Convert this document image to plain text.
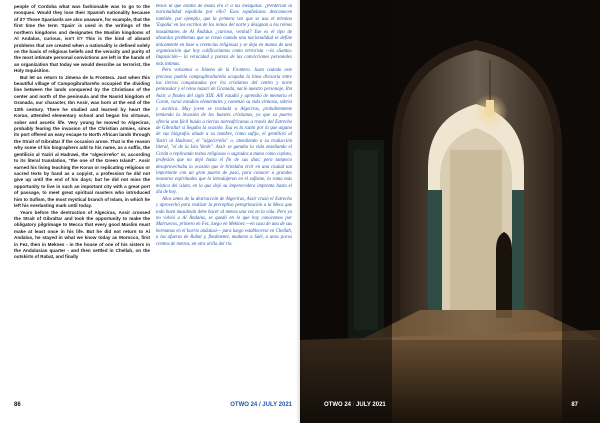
people of Cordoba what was fashionable was to go to the mosques. Would they lose their Spanish nationality because of it? Those Spaniards are also unaware, for example, that the first time the term 'Spain' is used in the writings of the northern kingdoms and designates the Muslim kingdoms of Al Andalus, curious, isn't it? This is the kind of absurd problems that are created when a nationality is defined solely on the basis of religious beliefs and the veracity and purity of the most intimate personal convictions are left in the hands of an organization that today we would describe as terrorist, the Holy Inquisition.

But let us return to Jimena de la Frontera. Just when this beautiful village of Campogibraltareño occupied the dividing line between the lands conquered by the Christians of the center and north of the peninsula and the Nasrid kingdom of Granada, our character, Ibn Assir, was born at the end of the 13th century. There he studied and learned by heart the Koran, attended elementary school and began his virtuous, sober and ascetic life. Very young he moved to Algeciras, probably fearing the invasion of the Christian armies, since its port offered an easy escape to North African lands through the Strait of Gibraltar if the occasion arose. That is the reason why some of his biographers add to his name, as a suffix, the gentilicio al Yazirí al Hadrawi, the "algecirreño" or, according to its literal translation, "the one of the Green Island". Assir earned his living teaching the Koran or replicating religious or sacred texts by hand as a copyist, a profession he did not give up until the end of his days; but he did not miss the opportunity to live in such an important city with a great port of passage, to meet great spiritual masters who introduced him to Sufism, the most mystical branch of Islam, in which he left his everlasting mark until today.

Years before the destruction of Algeciras, Assir crossed the Strait of Gibraltar and took the opportunity to make the obligatory pilgrimage to Mecca that every good Muslim must make at least once in his life. But he did not return to Al Andalus, he stayed in what we know today as Morocco, first in Fez, then in Meknes - in the house of one of his sisters in the Andalusian quarter - and then settled in Chellah, on the outskirts of Rabat, and finally

besos la que estaba de moda era ir a las mezquitas. ¿Perderían la nacionalidad española por ello? Esos españolazos desconocen también, por ejemplo, que la primera vez que se usa el término 'España' en los escritos de los reinos del norte y designan a los reinos musulmanes de Al Ándalus ¿curioso, verdad? Ese es el tipo de absurdos problemas que se crean cuando una nacionalidad se define únicamente en base a creencias religiosas y se deja en manos de una organización que hoy calificaríamos como terrorista —la «Santa» Inquisición— la veracidad y pureza de las convicciones personales más íntimas.

Pero volvamos a Jimena de la Frontera. Justo cuando este precioso pueblo campogibraltareño ocupaba la línea divisoria entre las tierras conquistadas por los cristianos del centro y norte peninsular y el reino nazarí de Granada, nació nuestro personaje, Ibn Assir, a finales del siglo XIII. Allí estudió y aprendió de memoria el Corán, cursó estudios elementales y comenzó su vida virtuosa, sobria y ascética. Muy joven se trasladó a Algeciras, probablemente temiendo la invasión de los huestes cristianas, ya que su puerto ofrecía una fácil huida a tierras norteafricanas a través del Estrecho de Gibraltar si llegaba la ocasión. Esa es la razón por la que alguno de sus biógrafos añade a su nombre, como sufijo, el gentilicio al Yazirí al Hadrawi, el "algecirreño" o, atendiendo a su traducción literal, "el de la Isla Verde". Assir se ganaba la vida enseñando el Corán o replicando textos religiosos o sagrados a mano como copista, profesión que no dejó hasta el fin de sus días; pero tampoco desaprovechaba la ocasión que le brindaba vivir en una ciudad tan importante con un gran puerto de paso, para conocer a grandes maestros espirituales que lo introdujeron en el sufismo, la rama más mística del islam, en la que dejó su imperecedera impronta hasta el día de hoy.

Años antes de la destrucción de Algeciras, Assir cruzó el Estrecho y aprovechó para realizar la preceptiva peregrinación a la Meca que todo buen musulmán debe hacer al menos una vez en la vida. Pero ya no volvió a Al Ándalus, se quedó en lo que hoy conocemos por Marruecos, primero en Fez, luego en Mekinez —en casa de una de sus hermanas en el barrio andalusí— para luego establecerse en Chellah, a las afueras de Rabat y, finalmente, mudarse a Salé, a unos pocos cientos de metros, en otra orilla del río.

86	OTWO 24 / JULY 2021	OTWO 24 / JULY 2021	87
